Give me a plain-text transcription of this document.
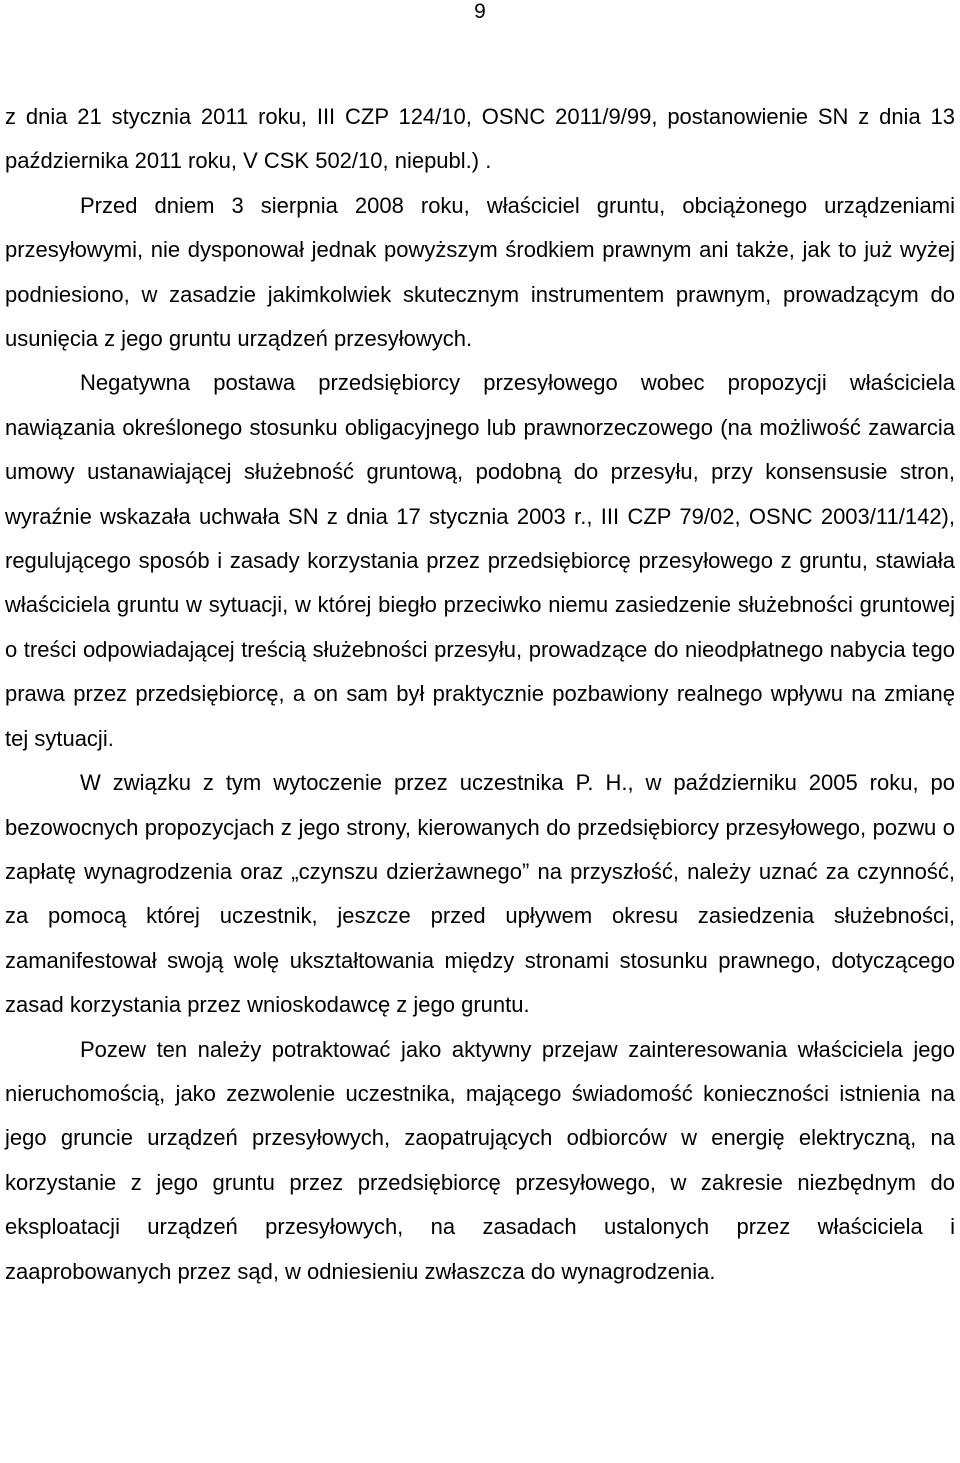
9

z dnia 21 stycznia 2011 roku, III CZP 124/10, OSNC 2011/9/99, postanowienie SN z dnia 13 października 2011 roku, V CSK 502/10, niepubl.) .

Przed dniem 3 sierpnia 2008 roku, właściciel gruntu, obciążonego urządzeniami przesyłowymi, nie dysponował jednak powyższym środkiem prawnym ani także, jak to już wyżej podniesiono, w zasadzie jakimkolwiek skutecznym instrumentem prawnym, prowadzącym do usunięcia z jego gruntu urządzeń przesyłowych.

Negatywna postawa przedsiębiorcy przesyłowego wobec propozycji właściciela nawiązania określonego stosunku obligacyjnego lub prawnorzeczowego (na możliwość zawarcia umowy ustanawiającej służebność gruntową, podobną do przesyłu, przy konsensusie stron, wyraźnie wskazała uchwała SN z dnia 17 stycznia 2003 r., III CZP 79/02, OSNC 2003/11/142), regulującego sposób i zasady korzystania przez przedsiębiorcę przesyłowego z gruntu, stawiała właściciela gruntu w sytuacji, w której biegło przeciwko niemu zasiedzenie służebności gruntowej o treści odpowiadającej treścią służebności przesyłu, prowadzące do nieodpłatnego nabycia tego prawa przez przedsiębiorcę, a on sam był praktycznie pozbawiony realnego wpływu na zmianę tej sytuacji.

W związku z tym wytoczenie przez uczestnika P. H., w październiku 2005 roku, po bezowocnych propozycjach z jego strony, kierowanych do przedsiębiorcy przesyłowego, pozwu o zapłatę wynagrodzenia oraz „czynszu dzierżawnego” na przyszłość, należy uznać za czynność, za pomocą której uczestnik, jeszcze przed upływem okresu zasiedzenia służebności, zamanifestował swoją wolę ukształtowania między stronami stosunku prawnego, dotyczącego zasad korzystania przez wnioskodawcę z jego gruntu.

Pozew ten należy potraktować jako aktywny przejaw zainteresowania właściciela jego nieruchomością, jako zezwolenie uczestnika, mającego świadomość konieczności istnienia na jego gruncie urządzeń przesyłowych, zaopatrujących odbiorców w energię elektryczną, na korzystanie z jego gruntu przez przedsiębiorcę przesyłowego, w zakresie niezbędnym do eksploatacji urządzeń przesyłowych, na zasadach ustalonych przez właściciela i zaaprobowanych przez sąd, w odniesieniu zwłaszcza do wynagrodzenia.
